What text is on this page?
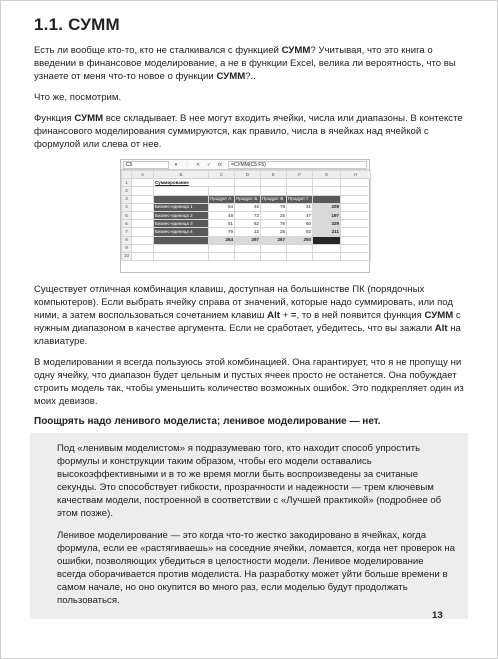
1.1. СУММ

Есть ли вообще кто-то, кто не сталкивался с функцией СУММ? Учитывая, что это книга о введении в финансовое моделирование, а не в функции Excel, велика ли вероятность, что вы узнаете от меня что-то новое о функции СУММ?..

Что же, посмотрим.

Функция СУММ все складывает. В нее могут входить ячейки, числа или диапазоны. В контексте финансового моделирования суммируются, как правило, числа в ячейках над ячейкой с формулой или слева от нее.

C5	▾	⋮	✕	✓	fx	=СУММ(C5:F5)
	A	B	C	D	E	F	G	H
1		Суммирование						
2								
3			Продукт А	Продукт Б	Продукт В	Продукт Г		
4		Бизнес-единица 1	54	46	78	31	209	
5		Бизнес-единица 2	48	72	25	47	197	
6		Бизнес-единица 3	51	82	76	60	329	
7		Бизнес-единица 4	79	12	28	92	211	
8			264	297	267	250		
9								
10								

Существует отличная комбинация клавиш, доступная на большинстве ПК (порядочных компьютеров). Если выбрать ячейку справа от значений, которые надо суммировать, или под ними, а затем воспользоваться сочетанием клавиш Alt + =, то в ней появится функция СУММ с нужным диапазоном в качестве аргумента. Если не сработает, убедитесь, что вы зажали Alt на клавиатуре.

В моделировании я всегда пользуюсь этой комбинацией. Она гарантирует, что я не пропущу ни одну ячейку, что диапазон будет цельным и пустых ячеек просто не останется. Она побуждает строить модель так, чтобы уменьшить количество возможных ошибок. Это подкрепляет один из моих девизов.

Поощрять надо ленивого моделиста; ленивое моделирование — нет.

Под «ленивым моделистом» я подразумеваю того, кто находит способ упростить формулы и конструкции таким образом, чтобы его модели оставались высокоэффективными и в то же время могли быть воспроизведены за считаные секунды. Это способствует гибкости, прозрачности и надежности — трем ключевым качествам модели, построенной в соответствии с «Лучшей практикой» (подробнее об этом позже).

Ленивое моделирование — это когда что-то жестко закодировано в ячейках, когда формула, если ее «растягиваешь» на соседние ячейки, ломается, когда нет проверок на ошибки, позволяющих убедиться в целостности модели. Ленивое моделирование всегда оборачивается против моделиста. На разработку может уйти больше времени в самом начале, но оно окупится во много раз, если моделью будут продолжать пользоваться.

13
